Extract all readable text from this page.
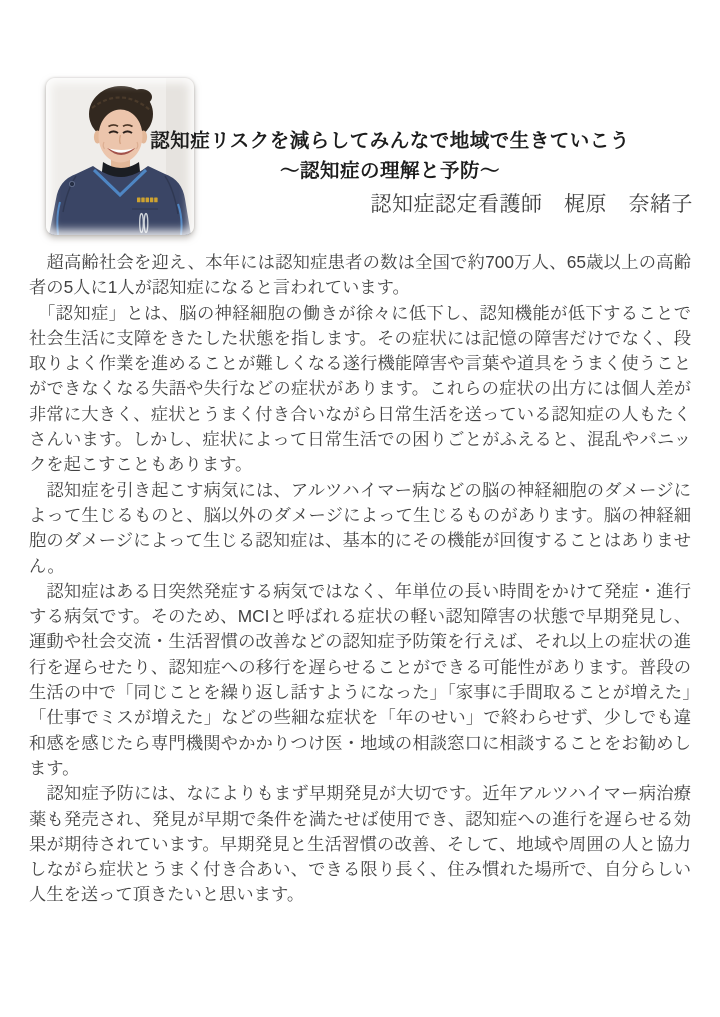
認知症リスクを減らしてみんなで地域で生きていこう
～認知症の理解と予防～
認知症認定看護師　梶原　奈緒子

　超高齢社会を迎え、本年には認知症患者の数は全国で約700万人、65歳以上の高齢者の5人に1人が認知症になると言われています。

　「認知症」とは、脳の神経細胞の働きが徐々に低下し、認知機能が低下することで社会生活に支障をきたした状態を指します。その症状には記憶の障害だけでなく、段取りよく作業を進めることが難しくなる遂行機能障害や言葉や道具をうまく使うことができなくなる失語や失行などの症状があります。これらの症状の出方には個人差が非常に大きく、症状とうまく付き合いながら日常生活を送っている認知症の人もたくさんいます。しかし、症状によって日常生活での困りごとがふえると、混乱やパニックを起こすこともあります。

　認知症を引き起こす病気には、アルツハイマー病などの脳の神経細胞のダメージによって生じるものと、脳以外のダメージによって生じるものがあります。脳の神経細胞のダメージによって生じる認知症は、基本的にその機能が回復することはありません。

　認知症はある日突然発症する病気ではなく、年単位の長い時間をかけて発症・進行する病気です。そのため、MCIと呼ばれる症状の軽い認知障害の状態で早期発見し、運動や社会交流・生活習慣の改善などの認知症予防策を行えば、それ以上の症状の進行を遅らせたり、認知症への移行を遅らせることができる可能性があります。普段の生活の中で「同じことを繰り返し話すようになった」「家事に手間取ることが増えた」「仕事でミスが増えた」などの些細な症状を「年のせい」で終わらせず、少しでも違和感を感じたら専門機関やかかりつけ医・地域の相談窓口に相談することをお勧めします。

　認知症予防には、なによりもまず早期発見が大切です。近年アルツハイマー病治療薬も発売され、発見が早期で条件を満たせば使用でき、認知症への進行を遅らせる効果が期待されています。早期発見と生活習慣の改善、そして、地域や周囲の人と協力しながら症状とうまく付き合あい、できる限り長く、住み慣れた場所で、自分らしい人生を送って頂きたいと思います。
